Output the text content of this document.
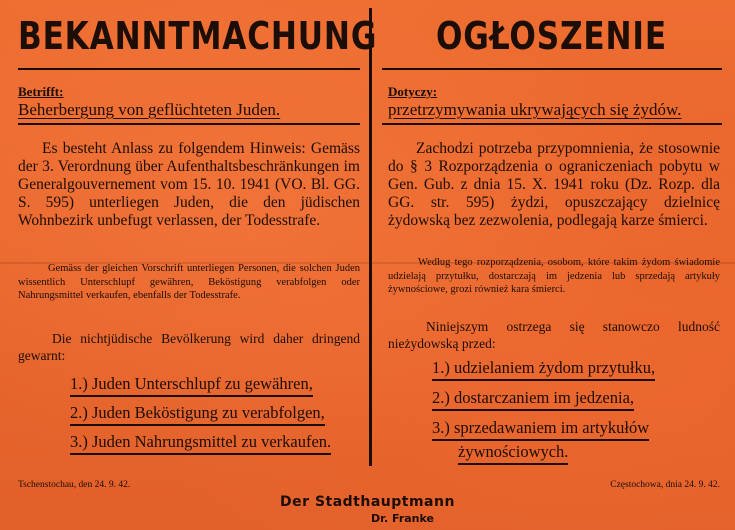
BEKANNTMACHUNG
Betrifft:
Beherbergung von geflüchteten Juden.
Es besteht Anlass zu folgendem Hinweis: Gemäss der 3. Verordnung über Aufenthaltsbeschränkungen im Generalgouvernement vom 15. 10. 1941 (VO. Bl. GG. S. 595) unterliegen Juden, die den jüdischen Wohnbezirk unbefugt verlassen, der Todesstrafe.
Gemäss der gleichen Vorschrift unterliegen Personen, die solchen Juden wissentlich Unterschlupf gewähren, Beköstigung verabfolgen oder Nahrungsmittel verkaufen, ebenfalls der Todesstrafe.
Die nichtjüdische Bevölkerung wird daher dringend gewarnt:
1.) Juden Unterschlupf zu gewähren,
2.) Juden Beköstigung zu verabfolgen,
3.) Juden Nahrungsmittel zu verkaufen.
Tschenstochau, den 24. 9. 42.
OGŁOSZENIE
Dotyczy:
przetrzymywania ukrywających się żydów.
Zachodzi potrzeba przypomnienia, że stosownie do § 3 Rozporządzenia o ograniczeniach pobytu w Gen. Gub. z dnia 15. X. 1941 roku (Dz. Rozp. dla GG. str. 595) żydzi, opuszczający dzielnicę żydowską bez zezwolenia, podlegają karze śmierci.
Według tego rozporządzenia, osobom, które takim żydom świadomie udzielają przytułku, dostarczają im jedzenia lub sprzedają artykuły żywnościowe, grozi również kara śmierci.
Niniejszym ostrzega się stanowczo ludność nieżydowską przed:
1.) udzielaniem żydom przytułku,
2.) dostarczaniem im jedzenia,
3.) sprzedawaniem im artykułów
żywnościowych.
Częstochowa, dnia 24. 9. 42.
Der Stadthauptmann
Dr. Franke
